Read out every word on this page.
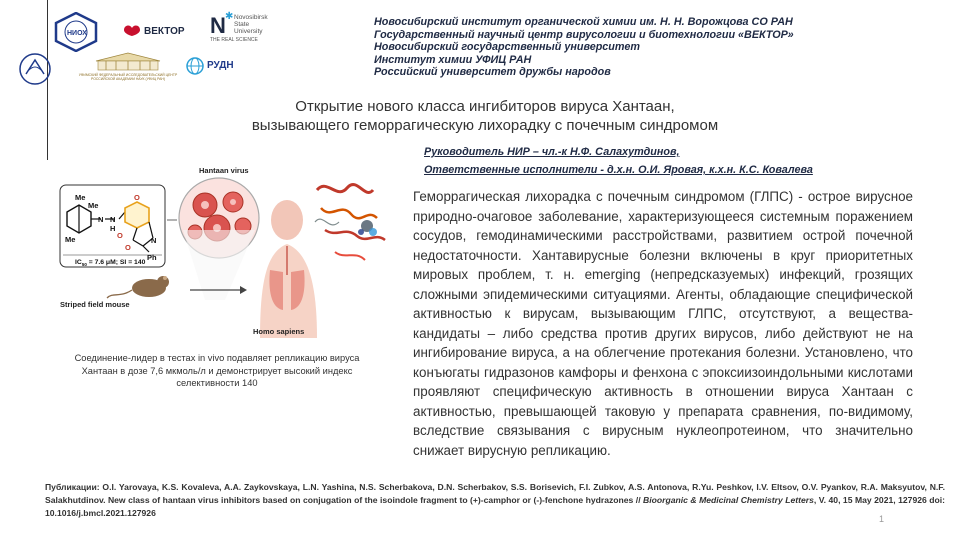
НИОХ	ВЕКТОР N ✱ Novosibirsk
State
University
THE REAL SCIENCE
УФИМСКИЙ ФЕДЕРАЛЬНЫЙ ИССЛЕДОВАТЕЛЬСКИЙ ЦЕНТР РОССИЙСКОЙ АКАДЕМИИ НАУК (УФИЦ РАН)
РУДН
Новосибирский институт органической химии им. Н. Н. Ворожцова СО РАН
Государственный научный центр вирусологии и биотехнологии «ВЕКТОР»
Новосибирский государственный университет
Институт химии УФИЦ РАН
Российский университет дружбы народов
Открытие нового класса ингибиторов вируса Хантаан,
вызывающего геморрагическую лихорадку с почечным синдромом
Руководитель НИР – чл.-к Н.Ф. Салахутдинов,
Ответственные исполнители - д.х.н. О.И. Яровая, к.х.н. К.С. Ковалева
Me
Me
Me
N N
H
O
O
O
N
Ph
$IC_{50} = 7.6$ μM; SI = 140
Hantaan virus
Striped field mouse
Homo sapiens
Соединение-лидер в тестах in vivo подавляет репликацию вируса Хантаан в дозе 7,6 мкмоль/л и демонстрирует высокий индекс селективности 140
Геморрагическая лихорадка с почечным синдромом (ГЛПС) - острое вирусное природно-очаговое заболевание, характеризующееся системным поражением сосудов, гемодинамическими расстройствами, развитием острой почечной недостаточности. Хантавирусные болезни включены в круг приоритетных мировых проблем, т. н. emerging (непредсказуемых) инфекций, грозящих сложными эпидемическими ситуациями. Агенты, обладающие специфической активностью к вирусам, вызывающим ГЛПС, отсутствуют, а вещества-кандидаты – либо средства против других вирусов, либо действуют не на ингибирование вируса, а на облегчение протекания болезни. Установлено, что конъюгаты гидразонов камфоры и фенхона с эпоксиизоиндольными кислотами проявляют специфическую активность в отношении вируса Хантаан с активностью, превышающей таковую у препарата сравнения, по-видимому, вследствие связывания с вирусным нуклеопротеином, что значительно снижает вирусную репликацию.
Публикации: O.I. Yarovaya, K.S. Kovaleva, A.A. Zaykovskaya, L.N. Yashina, N.S. Scherbakova, D.N. Scherbakov, S.S. Borisevich, F.I. Zubkov, A.S. Antonova, R.Yu. Peshkov, I.V. Eltsov, O.V. Pyankov, R.A. Maksyutov, N.F. Salakhutdinov. New class of hantaan virus inhibitors based on conjugation of the isoindole fragment to (+)-camphor or (-)-fenchone hydrazones // Bioorganic & Medicinal Chemistry Letters, V. 40, 15 May 2021, 127926 doi: 10.1016/j.bmcl.2021.127926
1
